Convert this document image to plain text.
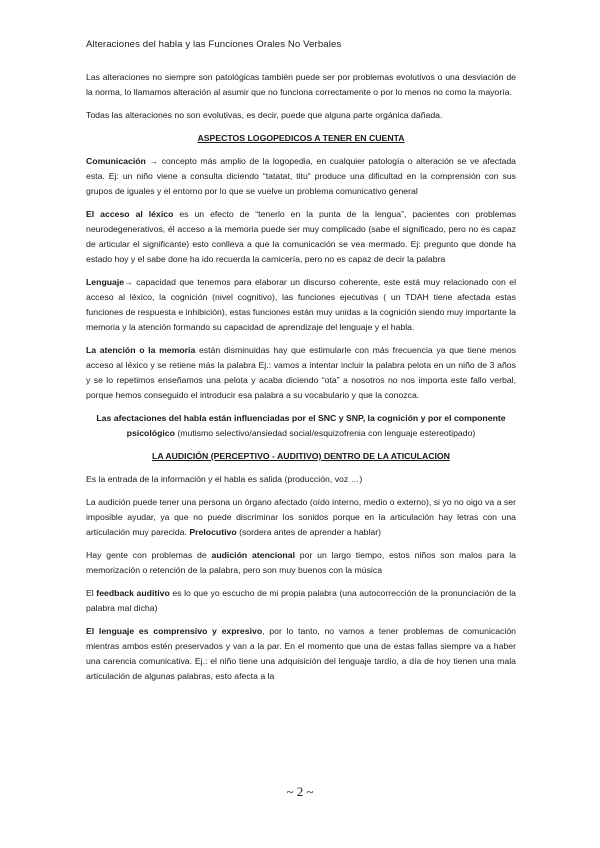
Alteraciones del habla y las Funciones Orales No Verbales

Las alteraciones no siempre son patológicas también puede ser por problemas evolutivos o una desviación de la norma, lo llamamos alteración al asumir que no funciona correctamente o por lo menos no como la mayoría.

Todas las alteraciones no son evolutivas, es decir, puede que alguna parte orgánica dañada.

ASPECTOS LOGOPEDICOS A TENER EN CUENTA

Comunicación → concepto más amplio de la logopedia, en cualquier patología o alteración se ve afectada esta. Ej: un niño viene a consulta diciendo “tatatat, titu“ produce una dificultad en la comprensión con sus grupos de iguales y el entorno por lo que se vuelve un problema comunicativo general

El acceso al léxico es un efecto de “tenerlo en la punta de la lengua”, pacientes con problemas neurodegenerativos, él acceso a la memoria puede ser muy complicado (sabe el significado, pero no es capaz de articular el significante) esto conlleva a que la comunicación se vea mermado. Ej: pregunto que donde ha estado hoy y el sabe done ha ido recuerda la carnicería, pero no es capaz de decir la palabra

Lenguaje→ capacidad que tenemos para elaborar un discurso coherente, este está muy relacionado con el acceso al léxico, la cognición (nivel cognitivo), las funciones ejecutivas ( un TDAH tiene afectada estas funciones de respuesta e inhibición), estas funciones están muy unidas a la cognición siendo muy importante la memoria y la atención formando su capacidad de aprendizaje del lenguaje y el habla.

La atención o la memoria están disminuidas hay que estimularle con más frecuencia ya que tiene menos acceso al léxico y se retiene más la palabra Ej.: vamos a intentar incluir la palabra pelota en un niño de 3 años y se lo repetimos enseñamos una pelota y acaba diciendo “ota” a nosotros no nos importa este fallo verbal, porque hemos conseguido el introducir esa palabra a su vocabulario y que la conozca.

Las afectaciones del habla están influenciadas por el SNC y SNP, la cognición y por el componente psicológico (mutismo selectivo/ansiedad social/esquizofrenia con lenguaje estereotipado)

LA AUDICIÓN (PERCEPTIVO - AUDITIVO) DENTRO DE LA ATICULACION

Es la entrada de la información y el habla es salida (producción, voz …)

La audición puede tener una persona un órgano afectado (oído interno, medio o externo), si yo no oigo va a ser imposible ayudar, ya que no puede discriminar los sonidos porque en la articulación hay letras con una articulación muy parecida. Prelocutivo (sordera antes de aprender a hablar)

Hay gente con problemas de audición atencional por un largo tiempo, estos niños son malos para la memorización o retención de la palabra, pero son muy buenos con la música

El feedback auditivo es lo que yo escucho de mi propia palabra (una autocorrección de la pronunciación de la palabra mal dicha)

El lenguaje es comprensivo y expresivo, por lo tanto, no vamos a tener problemas de comunicación mientras ambos estén preservados y van a la par. En el momento que una de estas fallas siempre va a haber una carencia comunicativa. Ej.: el niño tiene una adquisición del lenguaje tardío, a día de hoy tienen una mala articulación de algunas palabras, esto afecta a la

~ 2 ~
